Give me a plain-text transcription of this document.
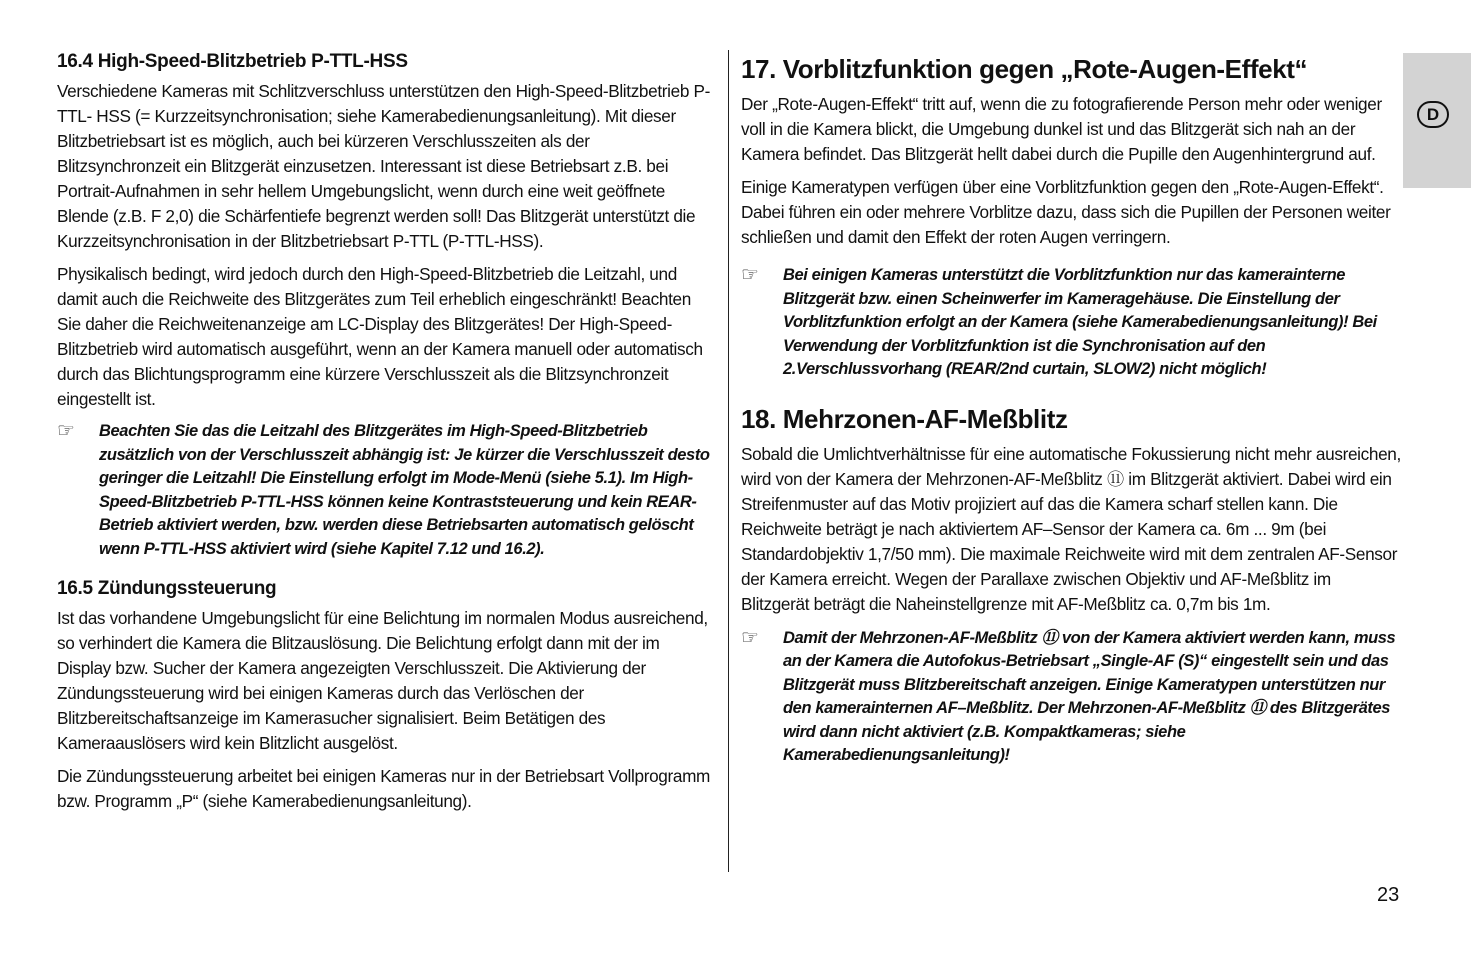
16.4 High-Speed-Blitzbetrieb P-TTL-HSS

Verschiedene Kameras mit Schlitzverschluss unterstützen den High-Speed-Blitzbetrieb P-TTL- HSS (= Kurzzeitsynchronisation; siehe Kamerabedienungsanleitung). Mit dieser Blitzbetriebsart ist es möglich, auch bei kürzeren Verschlusszeiten als der Blitzsynchronzeit ein Blitzgerät einzusetzen. Interessant ist diese Betriebsart z.B. bei Portrait-Aufnahmen in sehr hellem Umgebungslicht, wenn durch eine weit geöffnete Blende (z.B. F 2,0) die Schärfentiefe begrenzt werden soll! Das Blitzgerät unterstützt die Kurzzeitsynchronisation in der Blitzbetriebsart P-TTL (P-TTL-HSS).

Physikalisch bedingt, wird jedoch durch den High-Speed-Blitzbetrieb die Leitzahl, und damit auch die Reichweite des Blitzgerätes zum Teil erheblich eingeschränkt! Beachten Sie daher die Reichweitenanzeige am LC-Display des Blitzgerätes! Der High-Speed-Blitzbetrieb wird automatisch ausgeführt, wenn an der Kamera manuell oder automatisch durch das Blichtungsprogramm eine kürzere Verschlusszeit als die Blitzsynchronzeit eingestellt ist.

☞ Beachten Sie das die Leitzahl des Blitzgerätes im High-Speed-Blitzbetrieb zusätzlich von der Verschlusszeit abhängig ist: Je kürzer die Verschlusszeit desto geringer die Leitzahl! Die Einstellung erfolgt im Mode-Menü (siehe 5.1). Im High-Speed-Blitzbetrieb P-TTL-HSS können keine Kontraststeuerung und kein REAR-Betrieb aktiviert werden, bzw. werden diese Betriebsarten automatisch gelöscht wenn P-TTL-HSS aktiviert wird (siehe Kapitel 7.12 und 16.2).
16.5 Zündungssteuerung

Ist das vorhandene Umgebungslicht für eine Belichtung im normalen Modus ausreichend, so verhindert die Kamera die Blitzauslösung. Die Belichtung erfolgt dann mit der im Display bzw. Sucher der Kamera angezeigten Verschlusszeit. Die Aktivierung der Zündungssteuerung wird bei einigen Kameras durch das Verlöschen der Blitzbereitschaftsanzeige im Kamerasucher signalisiert. Beim Betätigen des Kameraauslösers wird kein Blitzlicht ausgelöst.

Die Zündungssteuerung arbeitet bei einigen Kameras nur in der Betriebsart Vollprogramm bzw. Programm „P“ (siehe Kamerabedienungsanleitung).

17. Vorblitzfunktion gegen „Rote-Augen-Effekt“

Der „Rote-Augen-Effekt“ tritt auf, wenn die zu fotografierende Person mehr oder weniger voll in die Kamera blickt, die Umgebung dunkel ist und das Blitzgerät sich nah an der Kamera befindet. Das Blitzgerät hellt dabei durch die Pupille den Augenhintergrund auf.

Einige Kameratypen verfügen über eine Vorblitzfunktion gegen den „Rote-Augen-Effekt“. Dabei führen ein oder mehrere Vorblitze dazu, dass sich die Pupillen der Personen weiter schließen und damit den Effekt der roten Augen verringern.

☞ Bei einigen Kameras unterstützt die Vorblitzfunktion nur das kamerainterne Blitzgerät bzw. einen Scheinwerfer im Kameragehäuse. Die Einstellung der Vorblitzfunktion erfolgt an der Kamera (siehe Kamerabedienungsanleitung)! Bei Verwendung der Vorblitzfunktion ist die Synchronisation auf den 2.Verschlussvorhang (REAR/2nd curtain, SLOW2) nicht möglich!
18. Mehrzonen-AF-Meßblitz

Sobald die Umlichtverhältnisse für eine automatische Fokussierung nicht mehr ausreichen, wird von der Kamera der Mehrzonen-AF-Meßblitz ⑪ im Blitzgerät aktiviert. Dabei wird ein Streifenmuster auf das Motiv projiziert auf das die Kamera scharf stellen kann. Die Reichweite beträgt je nach aktiviertem AF–Sensor der Kamera ca. 6m ... 9m (bei Standardobjektiv 1,7/50 mm). Die maximale Reichweite wird mit dem zentralen AF-Sensor der Kamera erreicht. Wegen der Parallaxe zwischen Objektiv und AF-Meßblitz im Blitzgerät beträgt die Naheinstellgrenze mit AF-Meßblitz ca. 0,7m bis 1m.

☞ Damit der Mehrzonen-AF-Meßblitz ⑪ von der Kamera aktiviert werden kann, muss an der Kamera die Autofokus-Betriebsart „Single-AF (S)“ eingestellt sein und das Blitzgerät muss Blitzbereitschaft anzeigen. Einige Kameratypen unterstützen nur den kamerainternen AF–Meßblitz. Der Mehrzonen-AF-Meßblitz ⑪ des Blitzgerätes wird dann nicht aktiviert (z.B. Kompaktkameras; siehe Kamerabedienungsanleitung)!
D
23
